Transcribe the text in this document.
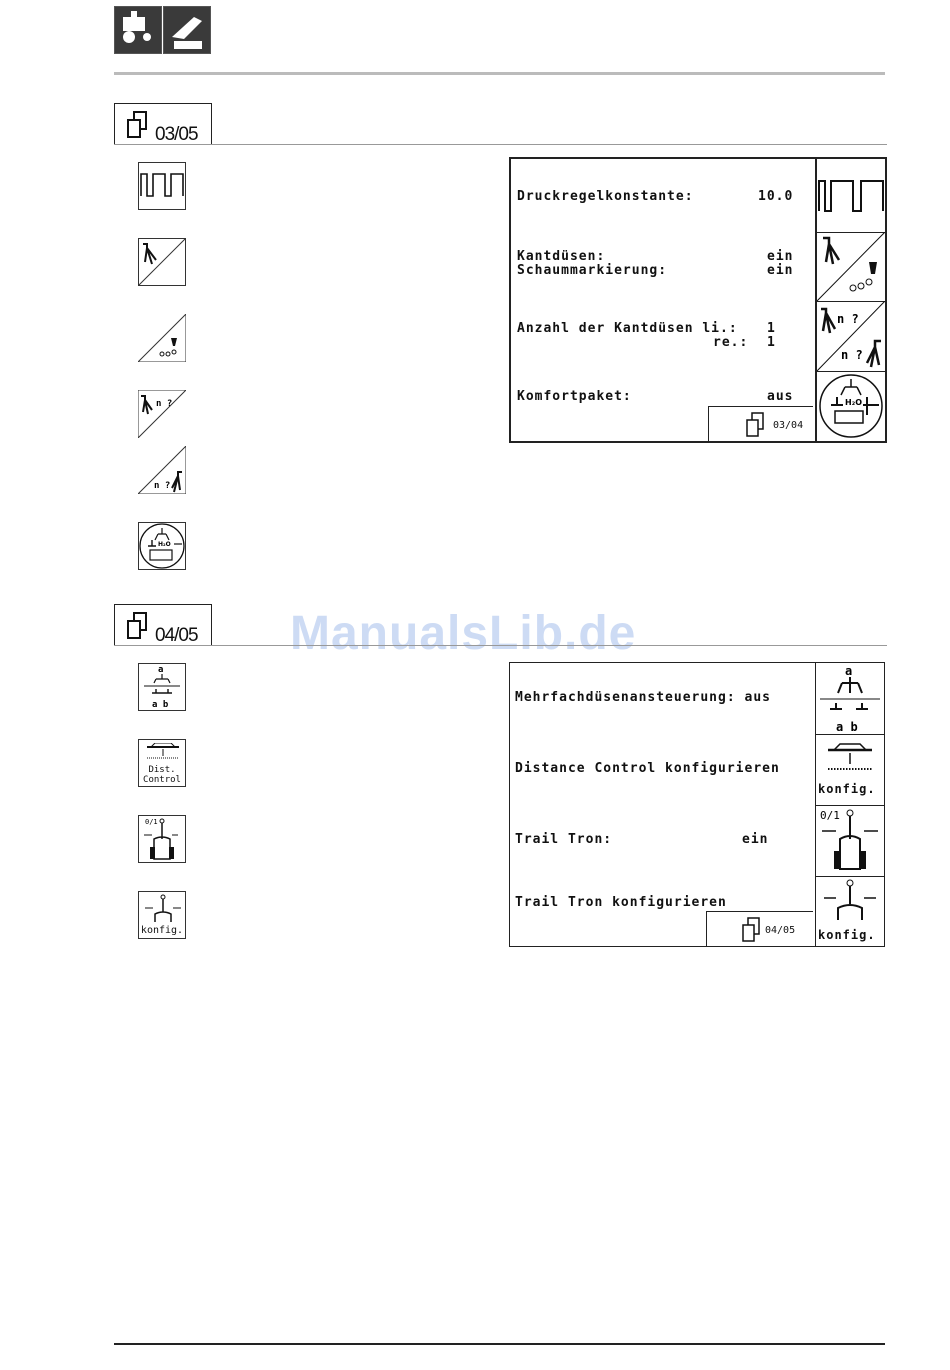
03/05
n ?
n ?
H₂O
Druckregelkonstante:	10.0
Kantdüsen:	ein
Schaummarkierung:	ein
Anzahl der Kantdüsen li.: 1
re.: 1
Komfortpaket:	aus
03/04
n ?
n ?
H₂O
ManualsLib.de
04/05
a
a b
Dist.
Control
0/1
konfig.
Mehrfachdüsenansteuerung: aus
Distance Control konfigurieren
Trail Tron:	ein
Trail Tron konfigurieren
04/05
a
a b
konfig.
0/1
konfig.
